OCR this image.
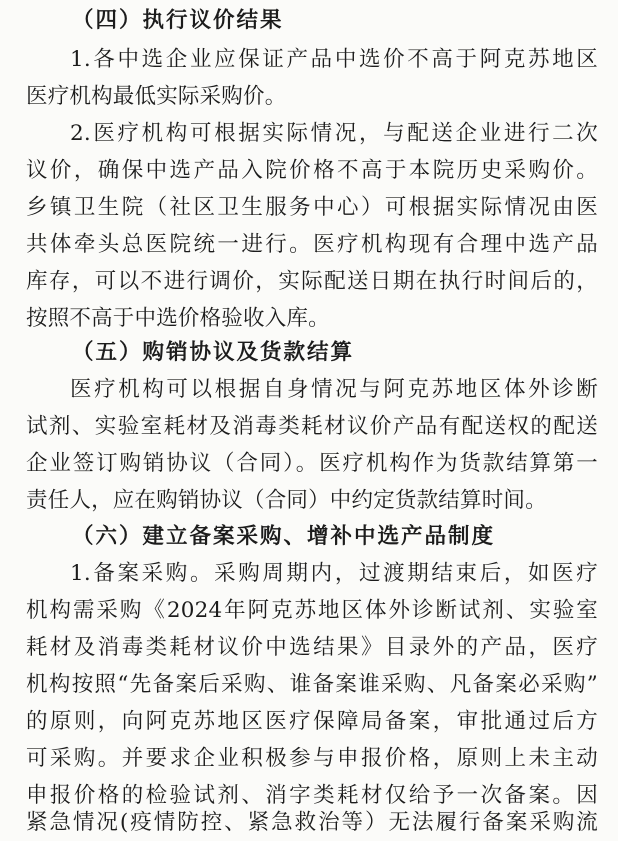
（四）执行议价结果
1.各中选企业应保证产品中选价不高于阿克苏地区
医疗机构最低实际采购价。
2.医疗机构可根据实际情况，与配送企业进行二次
议价，确保中选产品入院价格不高于本院历史采购价。
乡镇卫生院（社区卫生服务中心）可根据实际情况由医
共体牵头总医院统一进行。医疗机构现有合理中选产品
库存，可以不进行调价，实际配送日期在执行时间后的，
按照不高于中选价格验收入库。
（五）购销协议及货款结算
医疗机构可以根据自身情况与阿克苏地区体外诊断
试剂、实验室耗材及消毒类耗材议价产品有配送权的配送
企业签订购销协议（合同）。医疗机构作为货款结算第一
责任人，应在购销协议（合同）中约定货款结算时间。
（六）建立备案采购、增补中选产品制度
1.备案采购。采购周期内，过渡期结束后，如医疗
机构需采购《2024年阿克苏地区体外诊断试剂、实验室
耗材及消毒类耗材议价中选结果》目录外的产品，医疗
机构按照“先备案后采购、谁备案谁采购、凡备案必采购”
的原则，向阿克苏地区医疗保障局备案，审批通过后方
可采购。并要求企业积极参与申报价格，原则上未主动
申报价格的检验试剂、消字类耗材仅给予一次备案。因
紧急情况(疫情防控、紧急救治等）无法履行备案采购流
